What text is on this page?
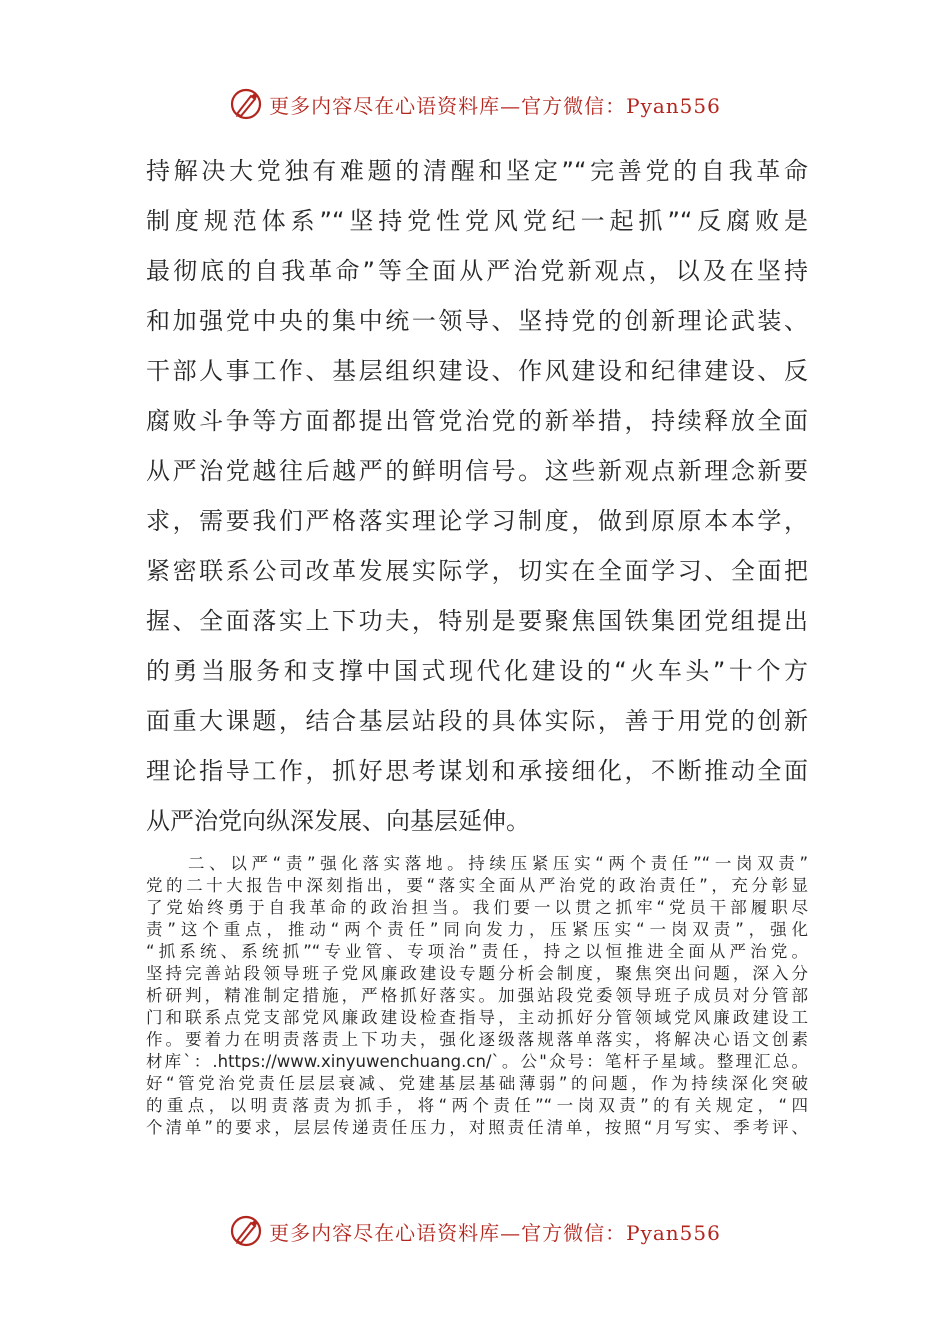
更多内容尽在心语资料库—官方微信：Pyan556
持解决大党独有难题的清醒和坚定”“完善党的自我革命
制度规范体系”“坚持党性党风党纪一起抓”“反腐败是
最彻底的自我革命”等全面从严治党新观点，以及在坚持
和加强党中央的集中统一领导、坚持党的创新理论武装、
干部人事工作、基层组织建设、作风建设和纪律建设、反
腐败斗争等方面都提出管党治党的新举措，持续释放全面
从严治党越往后越严的鲜明信号。这些新观点新理念新要
求，需要我们严格落实理论学习制度，做到原原本本学，
紧密联系公司改革发展实际学，切实在全面学习、全面把
握、全面落实上下功夫，特别是要聚焦国铁集团党组提出
的勇当服务和支撑中国式现代化建设的“火车头”十个方
面重大课题，结合基层站段的具体实际，善于用党的创新
理论指导工作，抓好思考谋划和承接细化，不断推动全面
从严治党向纵深发展、向基层延伸。
二、以严“责”强化落实落地。持续压紧压实“两个责任”“一岗双责”
党的二十大报告中深刻指出，要“落实全面从严治党的政治责任”，充分彰显
了党始终勇于自我革命的政治担当。我们要一以贯之抓牢“党员干部履职尽
责”这个重点，推动“两个责任”同向发力，压紧压实“一岗双责”，强化
“抓系统、系统抓”“专业管、专项治”责任，持之以恒推进全面从严治党。
坚持完善站段领导班子党风廉政建设专题分析会制度，聚焦突出问题，深入分
析研判，精准制定措施，严格抓好落实。加强站段党委领导班子成员对分管部
门和联系点党支部党风廉政建设检查指导，主动抓好分管领域党风廉政建设工
作。要着力在明责落责上下功夫，强化逐级落规落单落实，将解决心语文创素
材库`：.https://www.xinyuwenchuang.cn/`。公"众号：笔杆子星域。整理汇总。
好“管党治党责任层层衰减、党建基层基础薄弱”的问题，作为持续深化突破
的重点，以明责落责为抓手，将“两个责任”“一岗双责”的有关规定，“四
个清单”的要求，层层传递责任压力，对照责任清单，按照“月写实、季考评、
更多内容尽在心语资料库—官方微信：Pyan556
